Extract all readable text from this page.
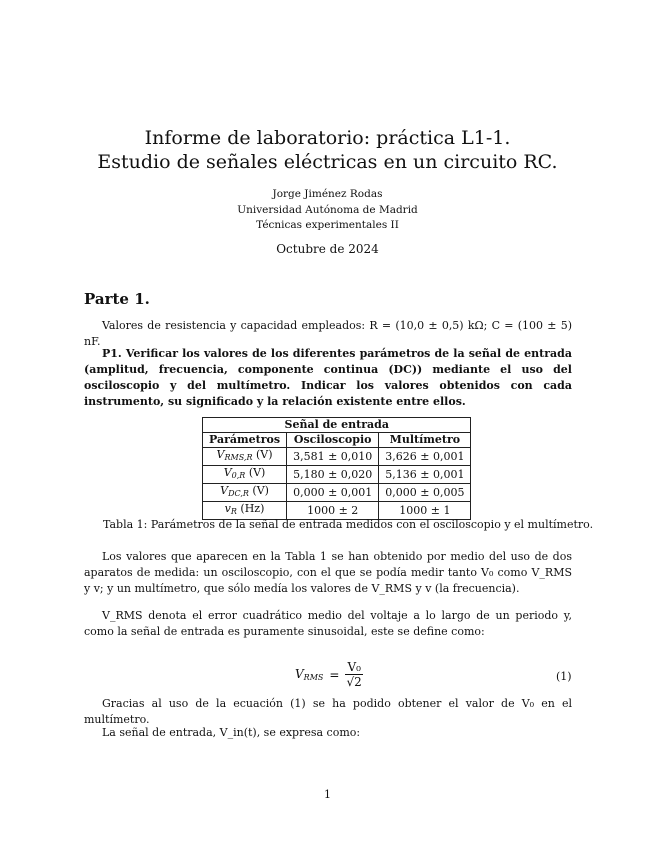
Informe de laboratorio: práctica L1-1.
Estudio de señales eléctricas en un circuito RC.
Jorge Jiménez Rodas
Universidad Autónoma de Madrid
Técnicas experimentales II
Octubre de 2024
Parte 1.
Valores de resistencia y capacidad empleados: R = (10,0 ± 0,5) kΩ; C = (100 ± 5) nF.
P1. Verificar los valores de los diferentes parámetros de la señal de entrada (amplitud, frecuencia, componente continua (DC)) mediante el uso del osciloscopio y del multímetro. Indicar los valores obtenidos con cada instrumento, su significado y la relación existente entre ellos.
Señal de entrada		
Parámetros	Osciloscopio	Multímetro
$V_{RMS,R}$ (V)	3,581 ± 0,010	3,626 ± 0,001
$V_{0,R}$ (V)	5,180 ± 0,020	5,136 ± 0,001
$V_{DC,R}$ (V)	0,000 ± 0,001	0,000 ± 0,005
$v_R$ (Hz)	1000 ± 2	1000 ± 1
Tabla 1: Parámetros de la señal de entrada medidos con el osciloscopio y el multímetro.
Los valores que aparecen en la Tabla 1 se han obtenido por medio del uso de dos aparatos de medida: un osciloscopio, con el que se podía medir tanto V₀ como V_RMS y v; y un multímetro, que sólo medía los valores de V_RMS y v (la frecuencia).
V_RMS denota el error cuadrático medio del voltaje a lo largo de un periodo y, como la señal de entrada es puramente sinusoidal, este se define como:
$V_{RMS} = \frac{\text{V₀}}{√2}$	(1)
Gracias al uso de la ecuación (1) se ha podido obtener el valor de V₀ en el multímetro.
La señal de entrada, V_in(t), se expresa como:
1
